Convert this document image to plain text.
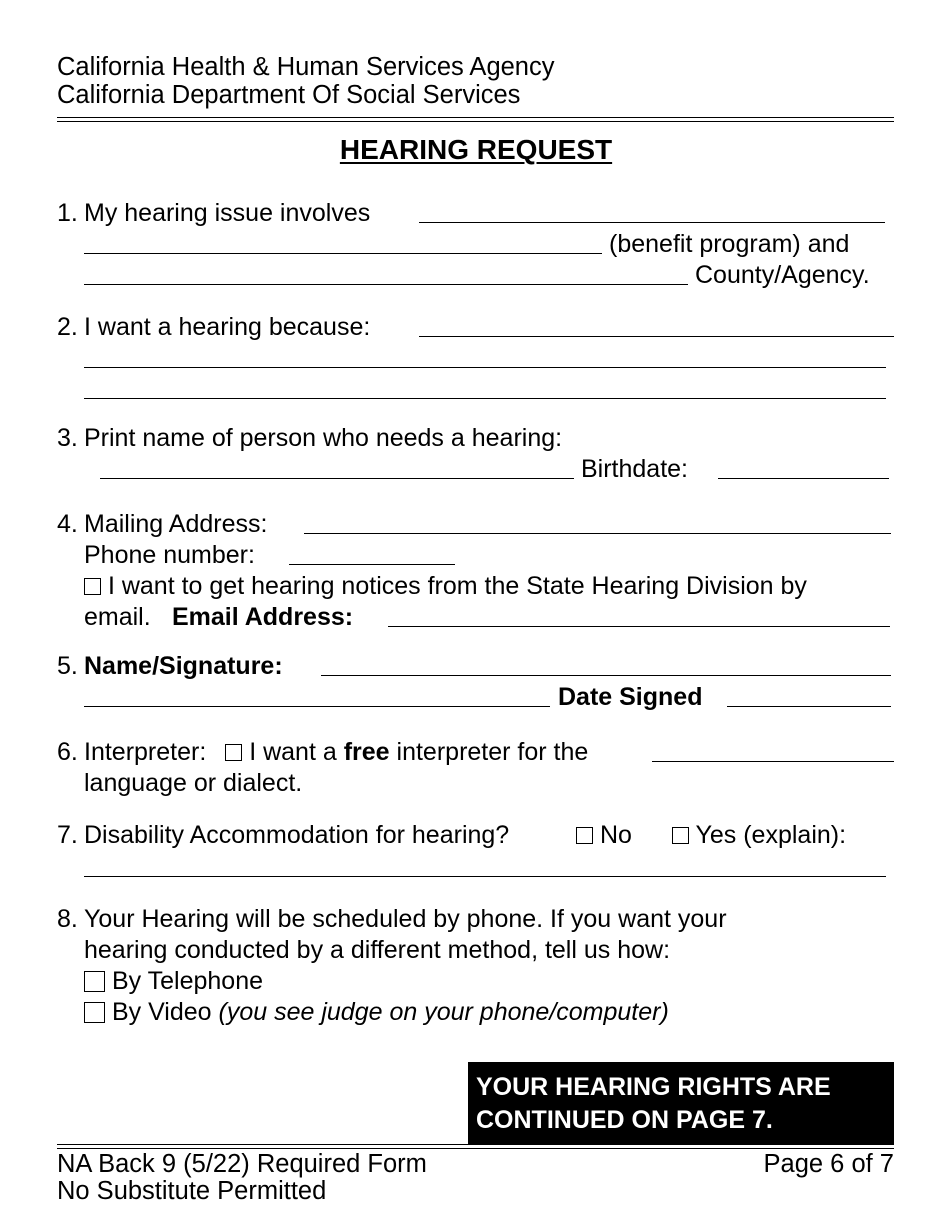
California Health & Human Services Agency
California Department Of Social Services
HEARING REQUEST
1. My hearing issue involves
(benefit program) and
County/Agency.
2. I want a hearing because:
3. Print name of person who needs a hearing:
Birthdate:
4. Mailing Address:
Phone number:
I want to get hearing notices from the State Hearing Division by
email. Email Address:
5. Name/Signature:
Date Signed
6. Interpreter: I want a free interpreter for the
language or dialect.
7. Disability Accommodation for hearing?	No	Yes (explain):
8. Your Hearing will be scheduled by phone. If you want your
hearing conducted by a different method, tell us how:
By Telephone
By Video (you see judge on your phone/computer)
YOUR HEARING RIGHTS ARE
CONTINUED ON PAGE 7.
NA Back 9 (5/22) Required Form
No Substitute Permitted
Page 6 of 7
